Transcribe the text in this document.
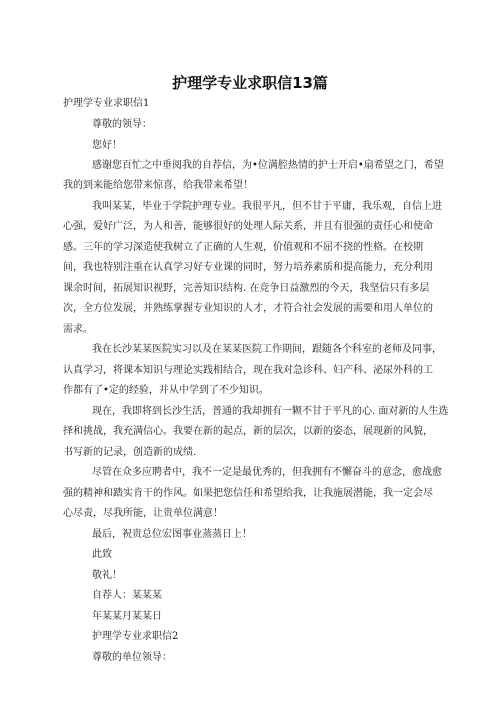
护理学专业求职信13篇
护理学专业求职信1
尊敬的领导：
您好！
感谢您百忙之中垂阅我的自荐信，为•位满腔热情的护士开启•扇希望之门，希望
我的到来能给您带来惊喜，给我带来希望！
我叫某某，毕业于学院护理专业。我很平凡，但不甘于平庸，我乐观，自信上进
心强，爱好广泛，为人和善，能够很好的处理人际关系，并且有很强的责任心和使命
感。三年的学习深造使我树立了正确的人生观，价值观和不屈不挠的性格。在校期
间，我也特别注重在认真学习好专业课的同时，努力培养素质和提高能力，充分利用
课余时间，拓展知识视野，完善知识结构. 在竞争日益激烈的今天，我坚信只有多层
次，全方位发展，并熟练掌握专业知识的人才，才符合社会发展的需要和用人单位的
需求。
我在长沙某某医院实习以及在某某医院工作期间，跟随各个科室的老师及同事，
认真学习，将课本知识与理论实践相结合，现在我对急诊科、妇产科、泌尿外科的工
作都有了•定的经验，并从中学到了不少知识。
现在，我即将到长沙生活，普通的我却拥有一颗不甘于平凡的心. 面对新的人生选
择和挑战，我充满信心。我要在新的起点，新的层次，以新的姿态，展现新的风貌，
书写新的记录，创造新的成绩.
尽管在众多应聘者中，我不一定是最优秀的，但我拥有不懈奋斗的意念，愈战愈
强的精神和踏实肯干的作风。如果把您信任和希望给我，让我施展潜能，我一定会尽
心尽责，尽我所能，让贵单位满意！
最后，祝贵总位宏图事业蒸蒸日上！
此致
敬礼！
自荐人：某某某
年某某月某某日
护理学专业求职信2
尊敬的单位领导：
